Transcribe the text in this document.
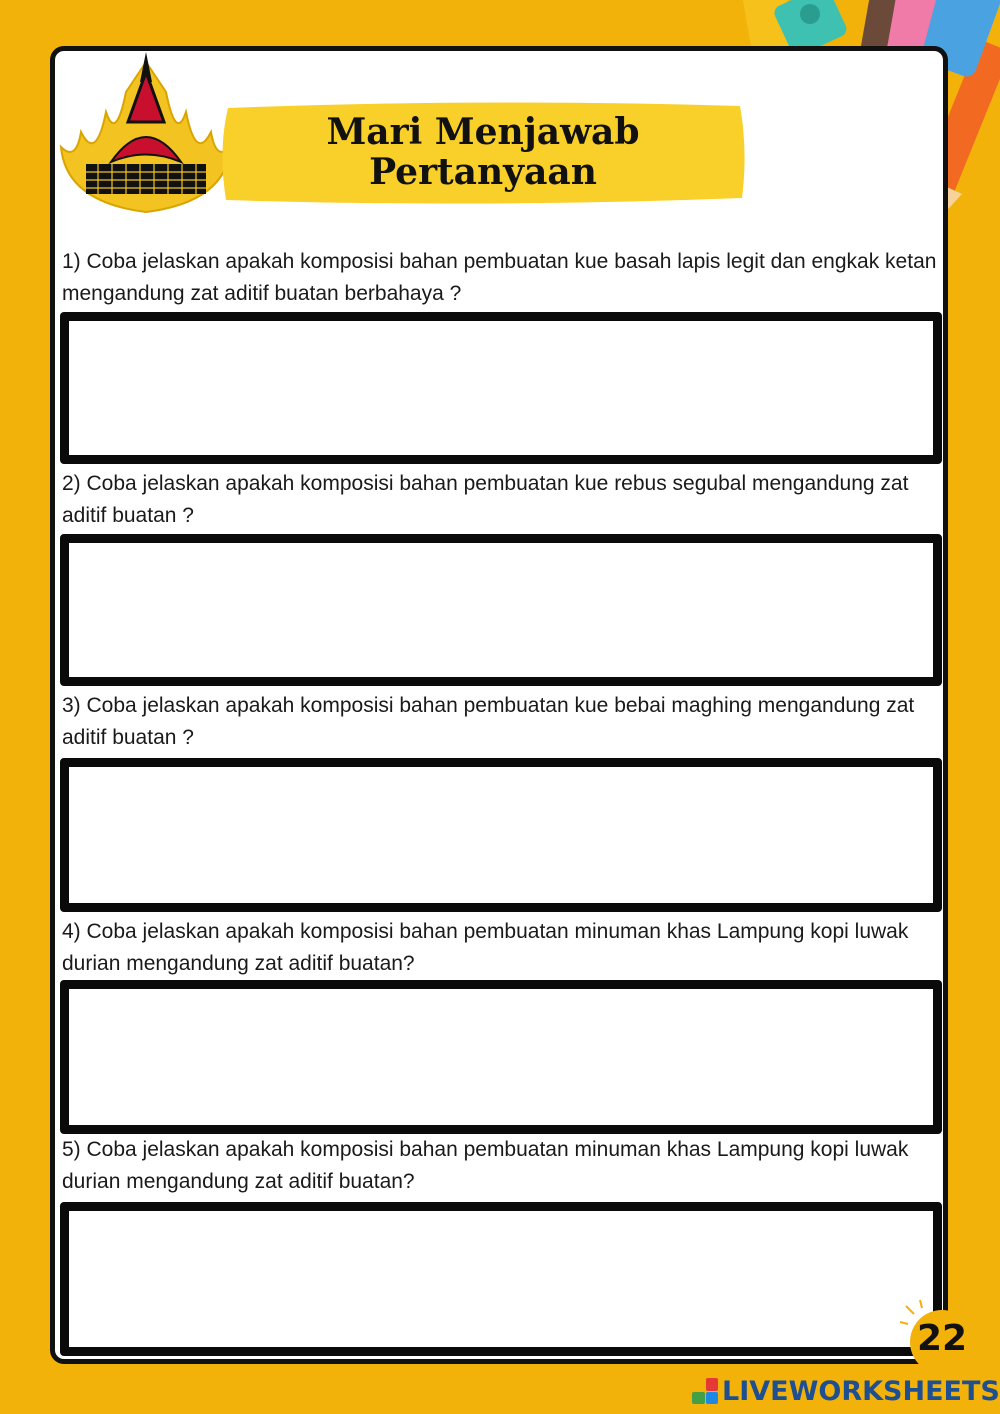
Mari Menjawab
Pertanyaan

1) Coba jelaskan apakah komposisi bahan pembuatan kue basah lapis legit dan engkak ketan mengandung zat aditif buatan berbahaya ?

2) Coba jelaskan apakah komposisi bahan pembuatan kue rebus segubal mengandung zat aditif buatan ?

3) Coba jelaskan apakah komposisi bahan pembuatan kue bebai maghing mengandung zat aditif buatan ?

4) Coba jelaskan apakah komposisi bahan pembuatan minuman khas Lampung kopi luwak durian mengandung zat aditif buatan?

5) Coba jelaskan apakah komposisi bahan pembuatan minuman khas Lampung kopi luwak durian mengandung zat aditif buatan?

22
LIVEWORKSHEETS
